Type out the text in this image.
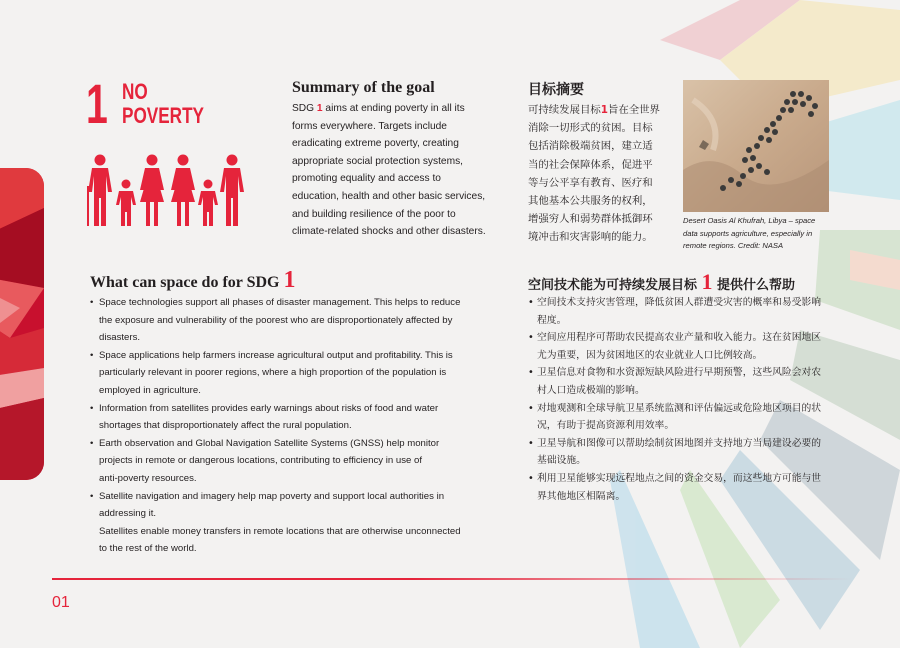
1 NO
POVERTY
Summary of the goal
SDG 1 aims at ending poverty in all its
forms everywhere. Targets include
eradicating extreme poverty, creating
appropriate social protection systems,
promoting equality and access to
education, health and other basic services,
and building resilience of the poor to
climate-related shocks and other disasters.
目标摘要
可持续发展目标1旨在全世界
消除一切形式的贫困。目标
包括消除极端贫困，建立适
当的社会保障体系，促进平
等与公平享有教育、医疗和
其他基本公共服务的权利，
增强穷人和弱势群体抵御环
境冲击和灾害影响的能力。
Desert Oasis Al Khufrah, Libya – space
data supports agriculture, especially in
remote regions. Credit: NASA
What can space do for SDG 1
• Space technologies support all phases of disaster management. This helps to reduce
the exposure and vulnerability of the poorest who are disproportionately affected by
disasters.
• Space applications help farmers increase agricultural output and profitability. This is
particularly relevant in poorer regions, where a high proportion of the population is
employed in agriculture.
• Information from satellites provides early warnings about risks of food and water
shortages that disproportionately affect the rural population.
• Earth observation and Global Navigation Satellite Systems (GNSS) help monitor
projects in remote or dangerous locations, contributing to efficiency in use of
anti-poverty resources.
• Satellite navigation and imagery help map poverty and support local authorities in
addressing it.
Satellites enable money transfers in remote locations that are otherwise unconnected
to the rest of the world.
空间技术能为可持续发展目标 1 提供什么帮助
• 空间技术支持灾害管理，降低贫困人群遭受灾害的概率和易受影响
程度。
• 空间应用程序可帮助农民提高农业产量和收入能力。这在贫困地区
尤为重要，因为贫困地区的农业就业人口比例较高。
• 卫星信息对食物和水资源短缺风险进行早期预警，这些风险会对农
村人口造成极端的影响。
• 对地观测和全球导航卫星系统监测和评估偏远或危险地区项目的状
况，有助于提高资源利用效率。
• 卫星导航和图像可以帮助绘制贫困地图并支持地方当局建设必要的
基础设施。
• 利用卫星能够实现远程地点之间的资金交易，而这些地方可能与世
界其他地区相隔离。
01
